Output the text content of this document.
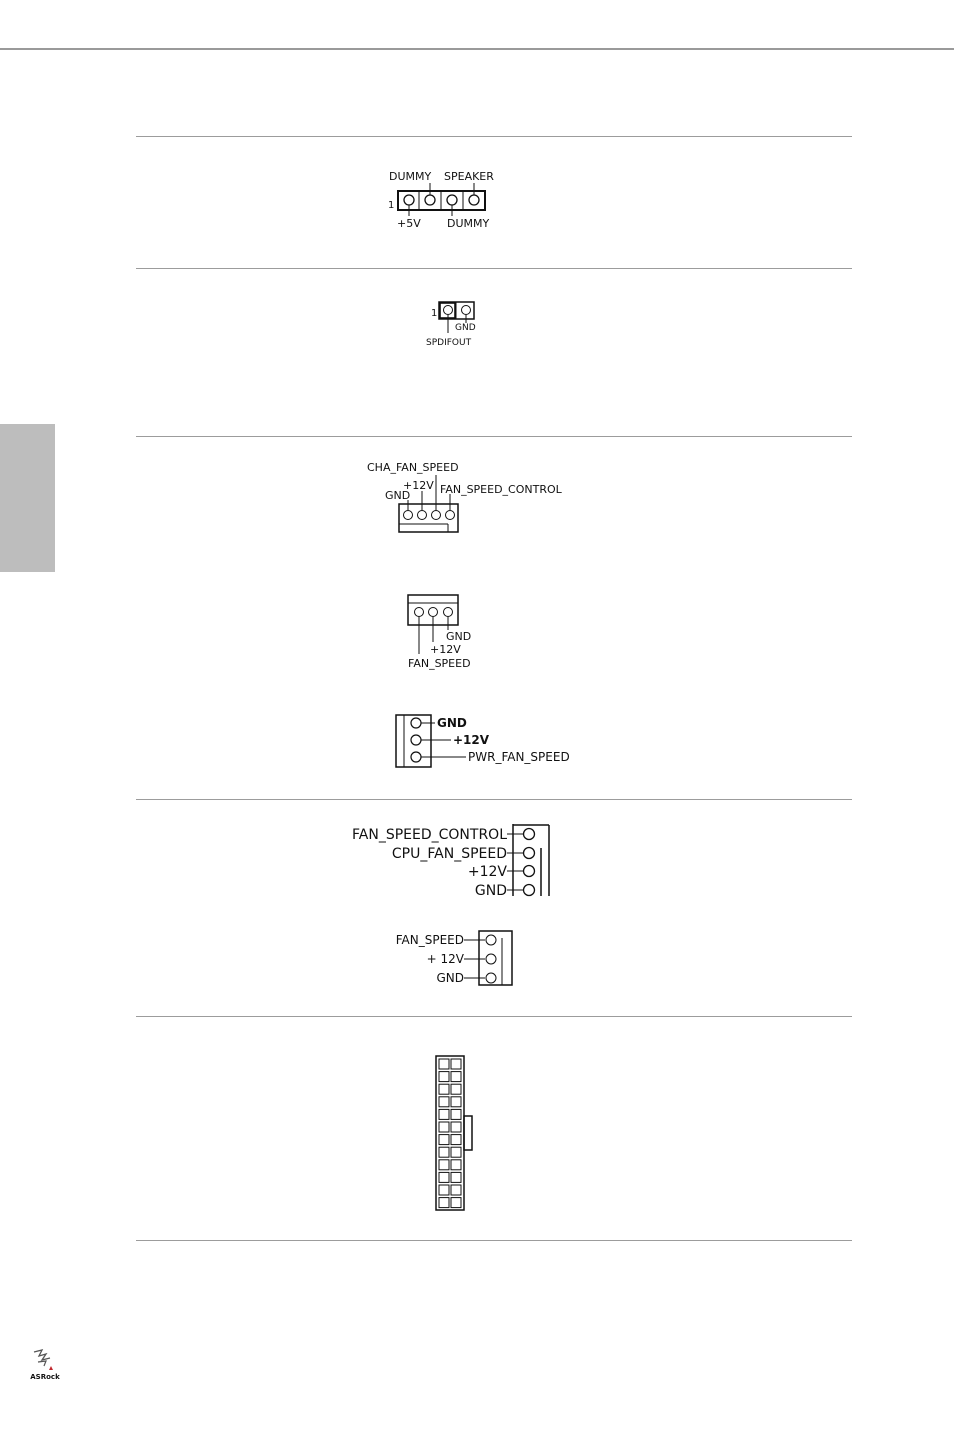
DUMMY SPEAKER
1
+5V DUMMY
1
GND
SPDIFOUT
CHA_FAN_SPEED
+12V
GND	FAN_SPEED_CONTROL
GND
+12V
FAN_SPEED
GND
+12V
PWR_FAN_SPEED
FAN_SPEED_CONTROL
CPU_FAN_SPEED
+12V
GND
FAN_SPEED
+ 12V
GND
ASRock
